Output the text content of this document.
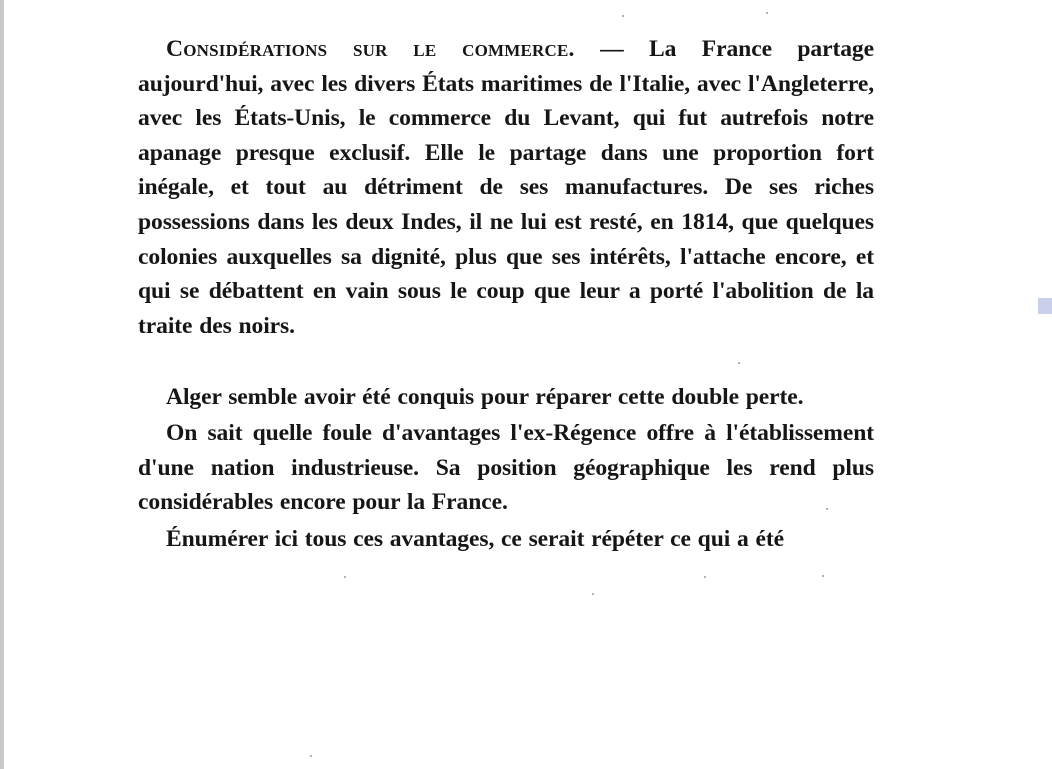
Considérations sur le commerce. — La France partage aujourd'hui, avec les divers États maritimes de l'Italie, avec l'Angleterre, avec les États-Unis, le commerce du Levant, qui fut autrefois notre apanage presque exclusif. Elle le partage dans une proportion fort inégale, et tout au détriment de ses manufactures. De ses riches possessions dans les deux Indes, il ne lui est resté, en 1814, que quelques colonies auxquelles sa dignité, plus que ses intérêts, l'attache encore, et qui se débattent en vain sous le coup que leur a porté l'abolition de la traite des noirs.

Alger semble avoir été conquis pour réparer cette double perte.

On sait quelle foule d'avantages l'ex-Régence offre à l'établissement d'une nation industrieuse. Sa position géographique les rend plus considérables encore pour la France.

Énumérer ici tous ces avantages, ce serait répéter ce qui a été
